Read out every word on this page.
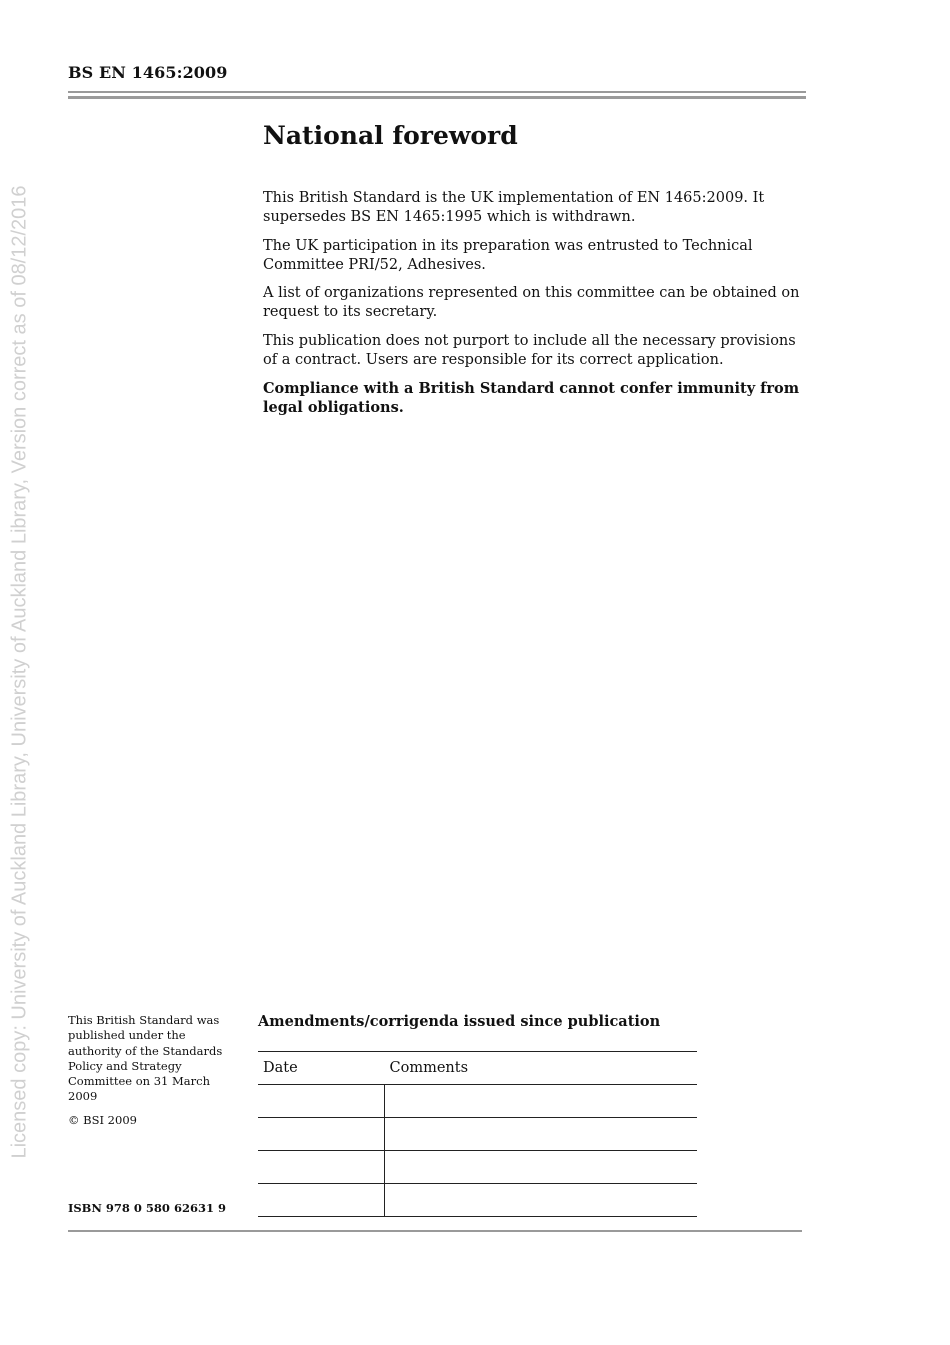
BS EN 1465:2009
Licensed copy: University of Auckland Library, University of Auckland Library, Version correct as of 08/12/2016
National foreword

This British Standard is the UK implementation of EN 1465:2009. It supersedes BS EN 1465:1995 which is withdrawn.

The UK participation in its preparation was entrusted to Technical Committee PRI/52, Adhesives.

A list of organizations represented on this committee can be obtained on request to its secretary.

This publication does not purport to include all the necessary provisions of a contract. Users are responsible for its correct application.

Compliance with a British Standard cannot confer immunity from legal obligations.

This British Standard was published under the authority of the Standards Policy and Strategy Committee on 31 March 2009

© BSI 2009

ISBN 978 0 580 62631 9
Amendments/corrigenda issued since publication
Date	Comments
